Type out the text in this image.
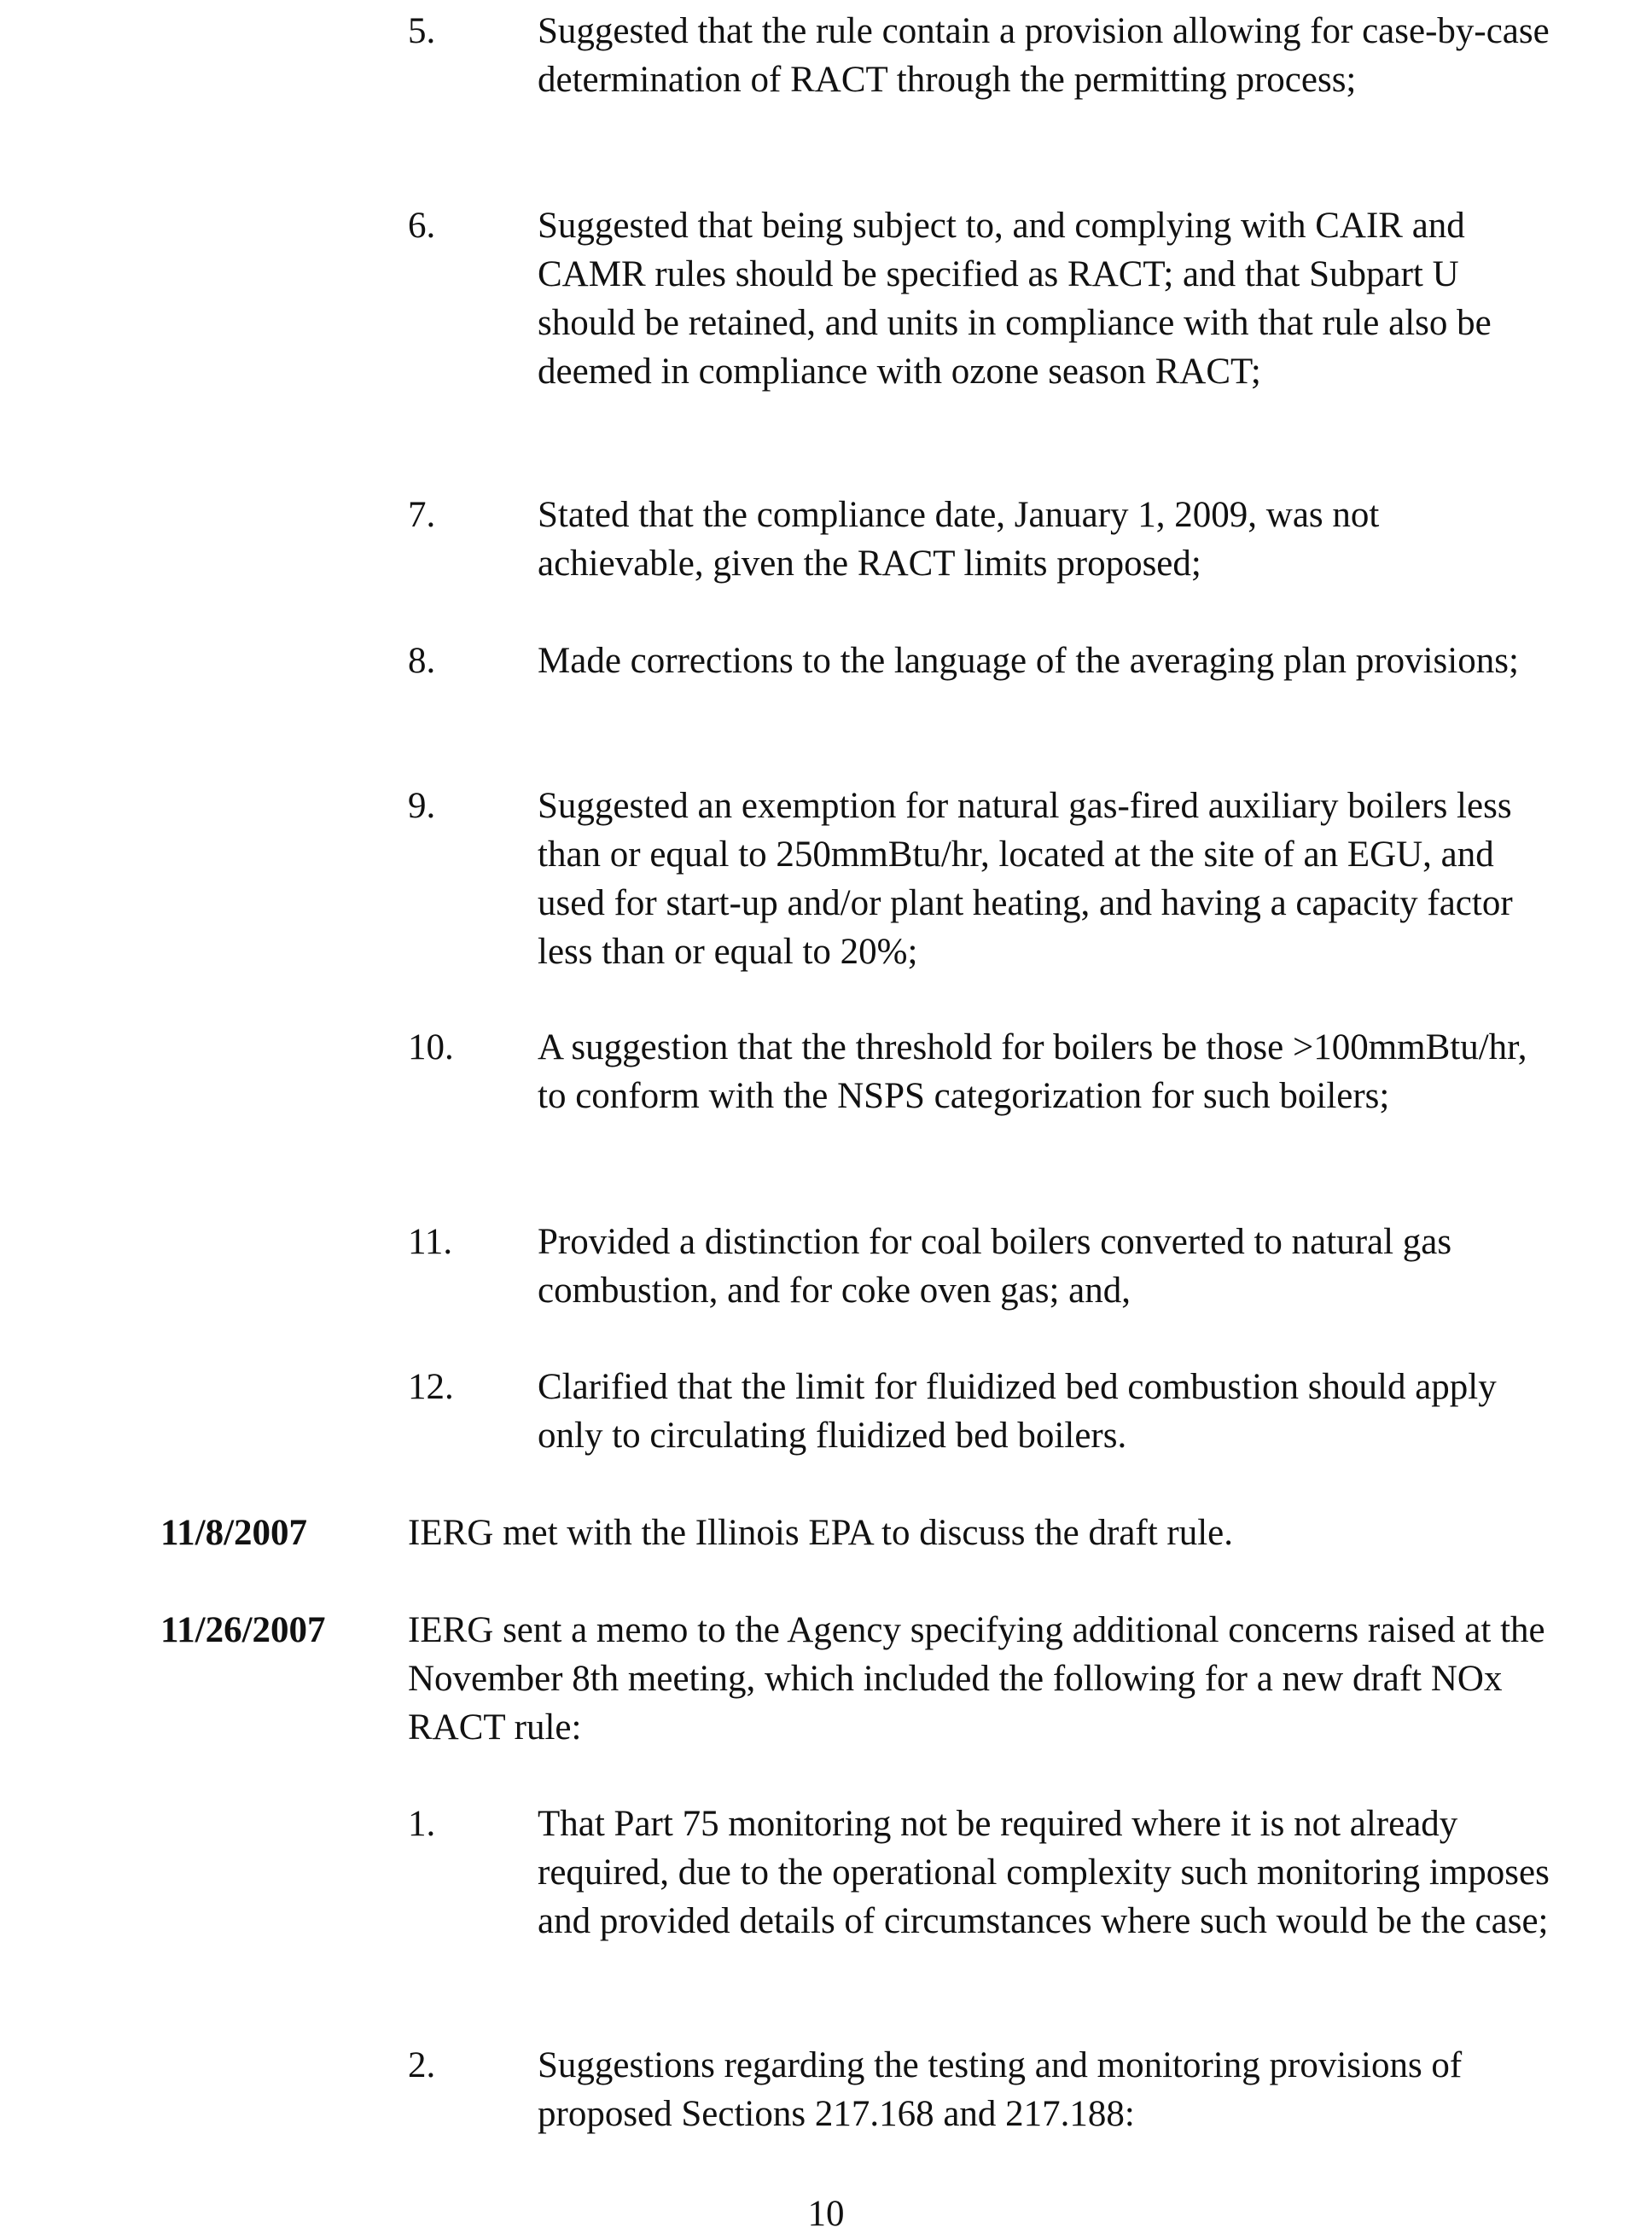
5.	Suggested that the rule contain a provision allowing for case-by-case determination of RACT through the permitting process;
6.	Suggested that being subject to, and complying with CAIR and CAMR rules should be specified as RACT; and that Subpart U should be retained, and units in compliance with that rule also be deemed in compliance with ozone season RACT;
7.	Stated that the compliance date, January 1, 2009, was not achievable, given the RACT limits proposed;
8.	Made corrections to the language of the averaging plan provisions;
9.	Suggested an exemption for natural gas-fired auxiliary boilers less than or equal to 250mmBtu/hr, located at the site of an EGU, and used for start-up and/or plant heating, and having a capacity factor less than or equal to 20%;
10.	A suggestion that the threshold for boilers be those >100mmBtu/hr, to conform with the NSPS categorization for such boilers;
11.	Provided a distinction for coal boilers converted to natural gas combustion, and for coke oven gas; and,
12.	Clarified that the limit for fluidized bed combustion should apply only to circulating fluidized bed boilers.
11/8/2007	IERG met with the Illinois EPA to discuss the draft rule.
11/26/2007	IERG sent a memo to the Agency specifying additional concerns raised at the November 8th meeting, which included the following for a new draft NOx RACT rule:
1.	That Part 75 monitoring not be required where it is not already required, due to the operational complexity such monitoring imposes and provided details of circumstances where such would be the case;
2.	Suggestions regarding the testing and monitoring provisions of proposed Sections 217.168 and 217.188:
10
